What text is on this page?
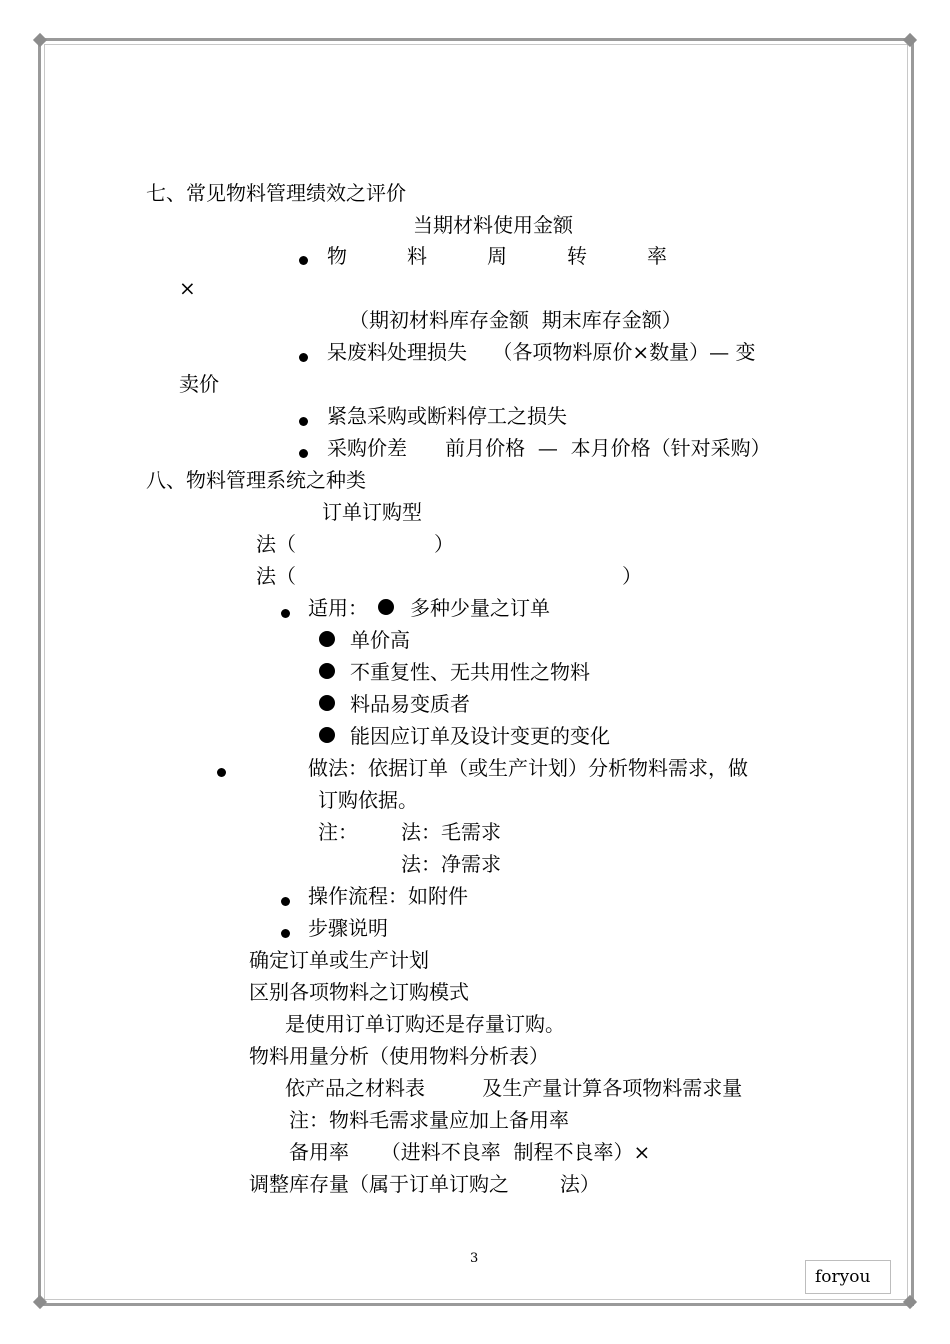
七、常见物料管理绩效之评价
当期材料使用金额
物	料	周	转	率
×
（期初材料库存金额  期末库存金额）
呆废料处理损失    （各项物料原价×数量）— 变
卖价
紧急采购或断料停工之损失
采购价差      前月价格  —  本月价格（针对采购）
八、物料管理系统之种类
订单订购型
法（	）
法（	）
适用： 多种少量之订单
单价高
不重复性、无共用性之物料
料品易变质者
能因应订单及设计变更的变化
做法：依据订单（或生产计划）分析物料需求，做
订购依据。
注： 法：毛需求
法：净需求
操作流程：如附件
步骤说明
确定订单或生产计划
区别各项物料之订购模式
是使用订单订购还是存量订购。
物料用量分析（使用物料分析表）
依产品之材料表         及生产量计算各项物料需求量
注：物料毛需求量应加上备用率
备用率     （进料不良率  制程不良率）×
调整库存量（属于订单订购之        法）
3
foryou
